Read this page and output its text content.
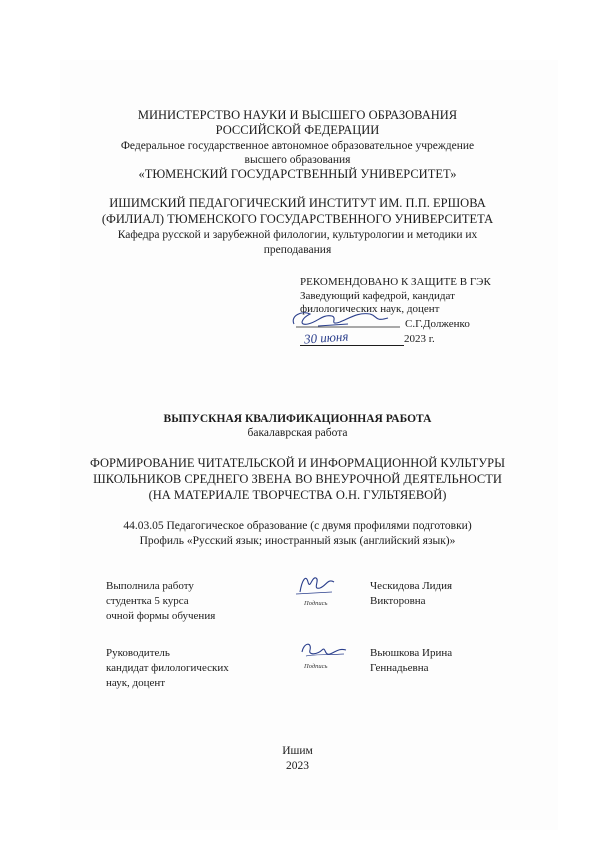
МИНИСТЕРСТВО НАУКИ И ВЫСШЕГО ОБРАЗОВАНИЯ
РОССИЙСКОЙ ФЕДЕРАЦИИ
Федеральное государственное автономное образовательное учреждение
высшего образования
«ТЮМЕНСКИЙ ГОСУДАРСТВЕННЫЙ УНИВЕРСИТЕТ»
ИШИМСКИЙ ПЕДАГОГИЧЕСКИЙ ИНСТИТУТ ИМ. П.П. ЕРШОВА
(ФИЛИАЛ) ТЮМЕНСКОГО ГОСУДАРСТВЕННОГО УНИВЕРСИТЕТА
Кафедра русской и зарубежной филологии, культурологии и методики их
преподавания
РЕКОМЕНДОВАНО К ЗАЩИТЕ В ГЭК
Заведующий кафедрой, кандидат
филологических наук, доцент
С.Г.Долженко
30 июня	2023 г.
ВЫПУСКНАЯ КВАЛИФИКАЦИОННАЯ РАБОТА
бакалаврская работа
ФОРМИРОВАНИЕ ЧИТАТЕЛЬСКОЙ И ИНФОРМАЦИОННОЙ КУЛЬТУРЫ
ШКОЛЬНИКОВ СРЕДНЕГО ЗВЕНА ВО ВНЕУРОЧНОЙ ДЕЯТЕЛЬНОСТИ
(НА МАТЕРИАЛЕ ТВОРЧЕСТВА О.Н. ГУЛЬТЯЕВОЙ)
44.03.05 Педагогическое образование (с двумя профилями подготовки)
Профиль «Русский язык; иностранный язык (английский язык)»
Выполнила работу
студентка 5 курса
очной формы обучения
Подпись
Ческидова Лидия
Викторовна
Руководитель
кандидат филологических
наук, доцент
Подпись
Вьюшкова Ирина
Геннадьевна
Ишим
2023
